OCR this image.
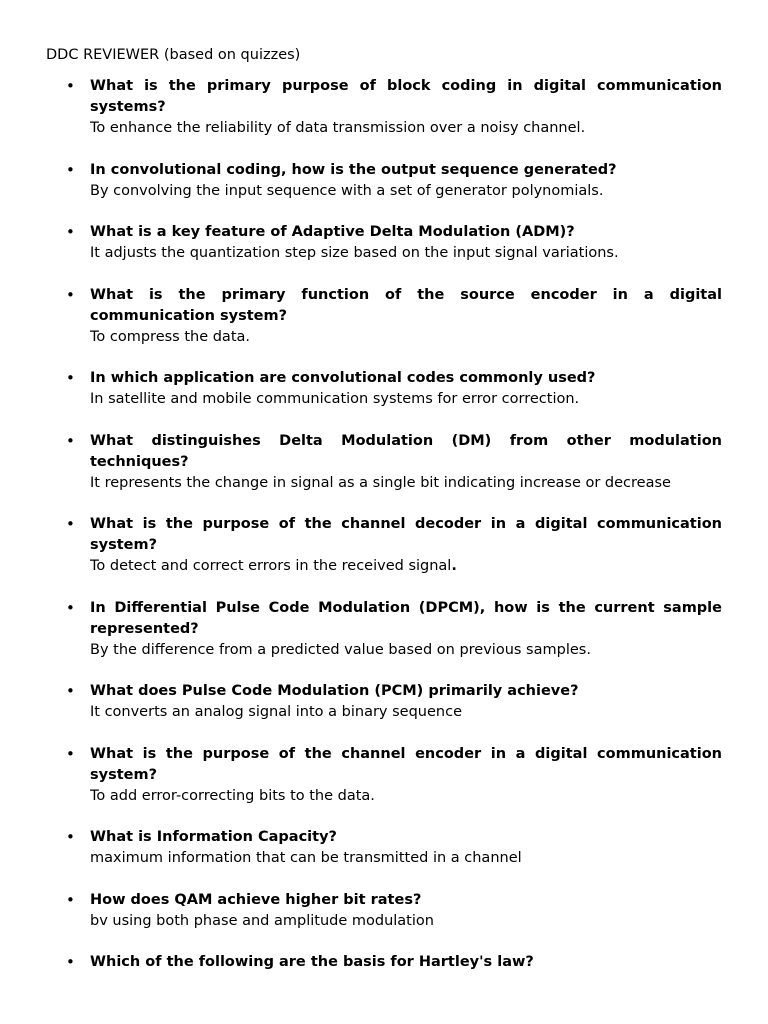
DDC REVIEWER (based on quizzes)
• What is the primary purpose of block coding in digital communication systems?
To enhance the reliability of data transmission over a noisy channel.
• In convolutional coding, how is the output sequence generated?
By convolving the input sequence with a set of generator polynomials.
• What is a key feature of Adaptive Delta Modulation (ADM)?
It adjusts the quantization step size based on the input signal variations.
• What is the primary function of the source encoder in a digital communication system?
To compress the data.
• In which application are convolutional codes commonly used?
In satellite and mobile communication systems for error correction.
• What distinguishes Delta Modulation (DM) from other modulation techniques?
It represents the change in signal as a single bit indicating increase or decrease
• What is the purpose of the channel decoder in a digital communication system?
To detect and correct errors in the received signal.
• In Differential Pulse Code Modulation (DPCM), how is the current sample represented?
By the difference from a predicted value based on previous samples.
• What does Pulse Code Modulation (PCM) primarily achieve?
It converts an analog signal into a binary sequence
• What is the purpose of the channel encoder in a digital communication system?
To add error-correcting bits to the data.
• What is Information Capacity?
maximum information that can be transmitted in a channel
• How does QAM achieve higher bit rates?
bv using both phase and amplitude modulation
• Which of the following are the basis for Hartley's law?
